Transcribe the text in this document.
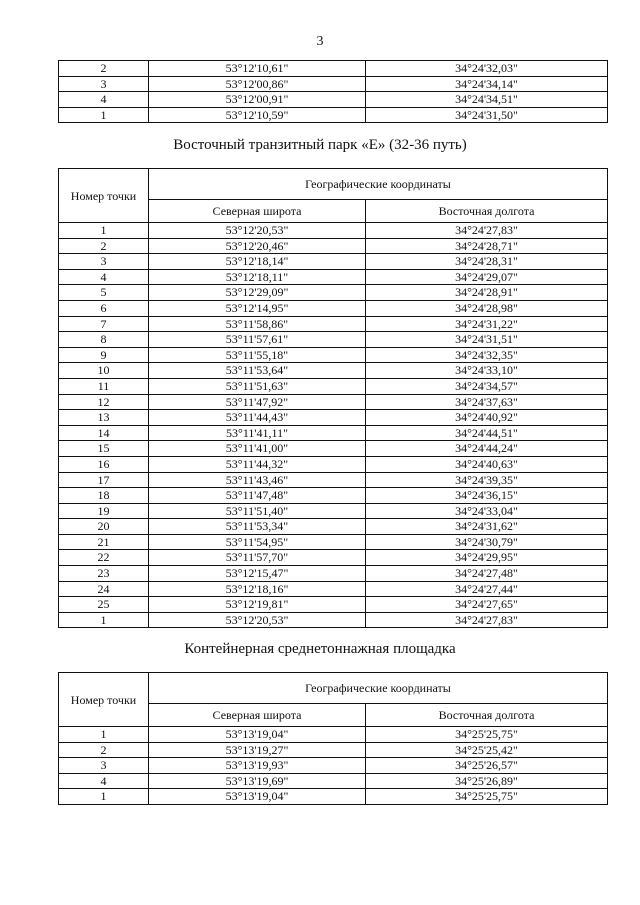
3
2	53°12'10,61"	34°24'32,03"
3	53°12'00,86"	34°24'34,14"
4	53°12'00,91"	34°24'34,51"
1	53°12'10,59"	34°24'31,50"
Восточный транзитный парк «Е» (32-36 путь)
Номер точки	Географические координаты	
	Северная широта	Восточная долгота
1	53°12'20,53"	34°24'27,83"
2	53°12'20,46"	34°24'28,71"
3	53°12'18,14"	34°24'28,31"
4	53°12'18,11"	34°24'29,07"
5	53°12'29,09"	34°24'28,91"
6	53°12'14,95"	34°24'28,98"
7	53°11'58,86"	34°24'31,22"
8	53°11'57,61"	34°24'31,51"
9	53°11'55,18"	34°24'32,35"
10	53°11'53,64"	34°24'33,10"
11	53°11'51,63"	34°24'34,57"
12	53°11'47,92"	34°24'37,63"
13	53°11'44,43"	34°24'40,92"
14	53°11'41,11"	34°24'44,51"
15	53°11'41,00"	34°24'44,24"
16	53°11'44,32"	34°24'40,63"
17	53°11'43,46"	34°24'39,35"
18	53°11'47,48"	34°24'36,15"
19	53°11'51,40"	34°24'33,04"
20	53°11'53,34"	34°24'31,62"
21	53°11'54,95"	34°24'30,79"
22	53°11'57,70"	34°24'29,95"
23	53°12'15,47"	34°24'27,48"
24	53°12'18,16"	34°24'27,44"
25	53°12'19,81"	34°24'27,65"
1	53°12'20,53"	34°24'27,83"
Контейнерная среднетоннажная площадка
Номер точки	Географические координаты	
	Северная широта	Восточная долгота
1	53°13'19,04"	34°25'25,75"
2	53°13'19,27"	34°25'25,42"
3	53°13'19,93"	34°25'26,57"
4	53°13'19,69"	34°25'26,89"
1	53°13'19,04"	34°25'25,75"
